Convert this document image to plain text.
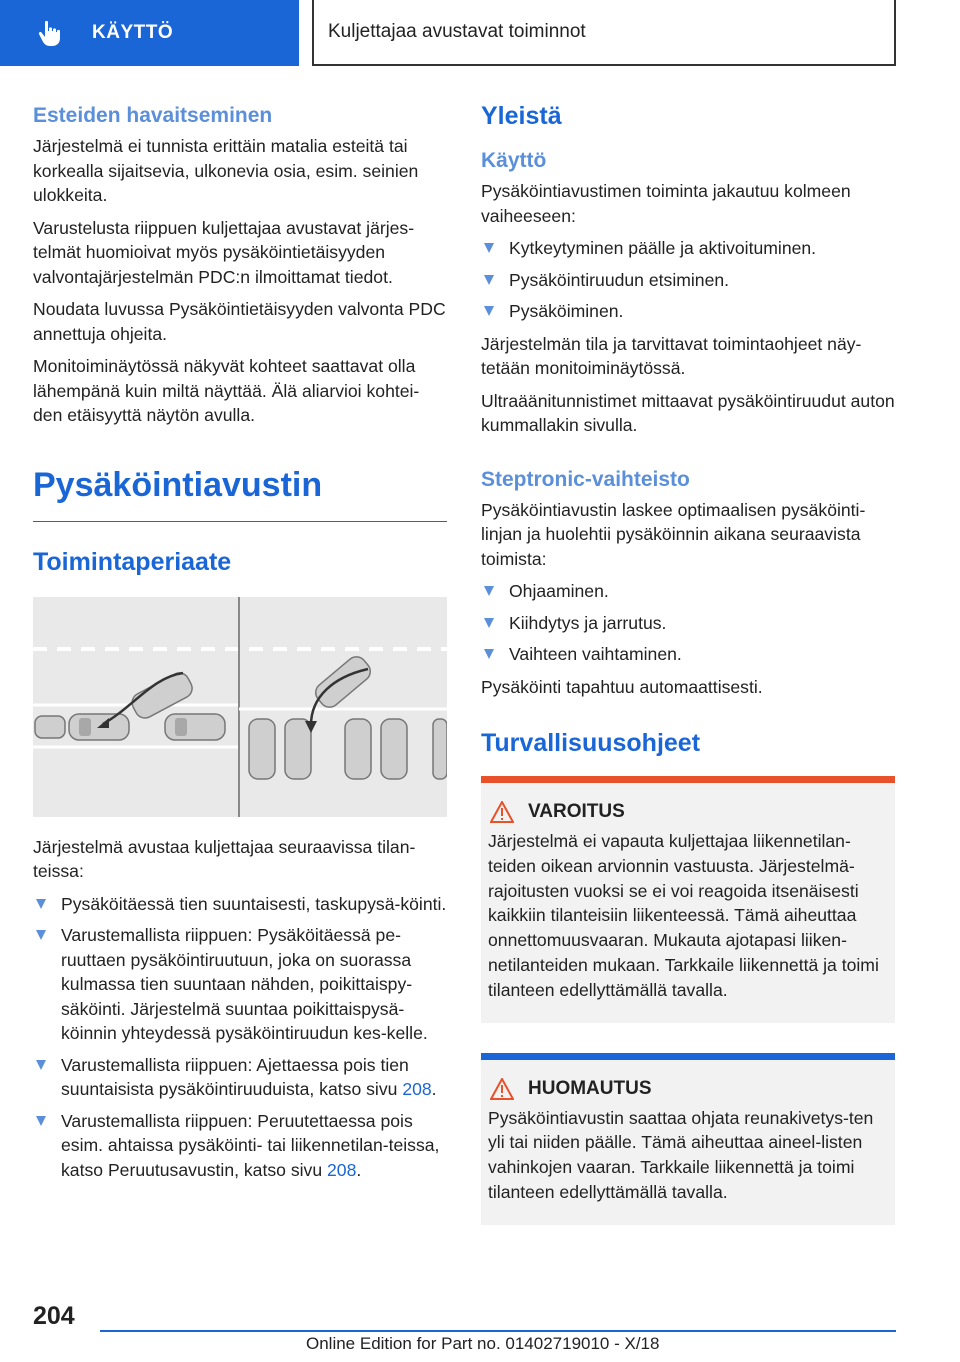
KÄYTTÖ	Kuljettajaa avustavat toiminnot
Esteiden havaitseminen

Järjestelmä ei tunnista erittäin matalia esteitä tai korkealla sijaitsevia, ulkonevia osia, esim. seinien ulokkeita.

Varustelusta riippuen kuljettajaa avustavat järjes-telmät huomioivat myös pysäköintietäisyyden valvontajärjestelmän PDC:n ilmoittamat tiedot.

Noudata luvussa Pysäköintietäisyyden valvonta PDC annettuja ohjeita.

Monitoiminäytössä näkyvät kohteet saattavat olla lähempänä kuin miltä näyttää. Älä aliarvioi kohtei-den etäisyyttä näytön avulla.

Pysäköintiavustin
Toimintaperiaate

Järjestelmä avustaa kuljettajaa seuraavissa tilan-teissa:

Pysäköitäessä tien suuntaisesti, taskupysä-köinti.
Varustemallista riippuen: Pysäköitäessä pe-ruuttaen pysäköintiruutuun, joka on suorassa kulmassa tien suuntaan nähden, poikittaispy-säköinti. Järjestelmä suuntaa poikittaispysä-köinnin yhteydessä pysäköintiruudun kes-kelle.
Varustemallista riippuen: Ajettaessa pois tien suuntaisista pysäköintiruuduista, katso sivu 208.
Varustemallista riippuen: Peruutettaessa pois esim. ahtaissa pysäköinti- tai liikennetilan-teissa, katso Peruutusavustin, katso sivu 208.
Yleistä
Käyttö

Pysäköintiavustimen toiminta jakautuu kolmeen vaiheeseen:

Kytkeytyminen päälle ja aktivoituminen.
Pysäköintiruudun etsiminen.
Pysäköiminen.

Järjestelmän tila ja tarvittavat toimintaohjeet näy-tetään monitoiminäytössä.

Ultraäänitunnistimet mittaavat pysäköintiruudut auton kummallakin sivulla.

Steptronic-vaihteisto

Pysäköintiavustin laskee optimaalisen pysäköinti-linjan ja huolehtii pysäköinnin aikana seuraavista toimista:

Ohjaaminen.
Kiihdytys ja jarrutus.
Vaihteen vaihtaminen.

Pysäköinti tapahtuu automaattisesti.

Turvallisuusohjeet
VAROITUS
Järjestelmä ei vapauta kuljettajaa liikennetilan-teiden oikean arvionnin vastuusta. Järjestelmä-rajoitusten vuoksi se ei voi reagoida itsenäisesti kaikkiin tilanteisiin liikenteessä. Tämä aiheuttaa onnettomuusvaaran. Mukauta ajotapasi liiken-netilanteiden mukaan. Tarkkaile liikennettä ja toimi tilanteen edellyttämällä tavalla.
HUOMAUTUS
Pysäköintiavustin saattaa ohjata reunakivetys-ten yli tai niiden päälle. Tämä aiheuttaa aineel-listen vahinkojen vaaran. Tarkkaile liikennettä ja toimi tilanteen edellyttämällä tavalla.
204
Online Edition for Part no. 01402719010 - X/18
